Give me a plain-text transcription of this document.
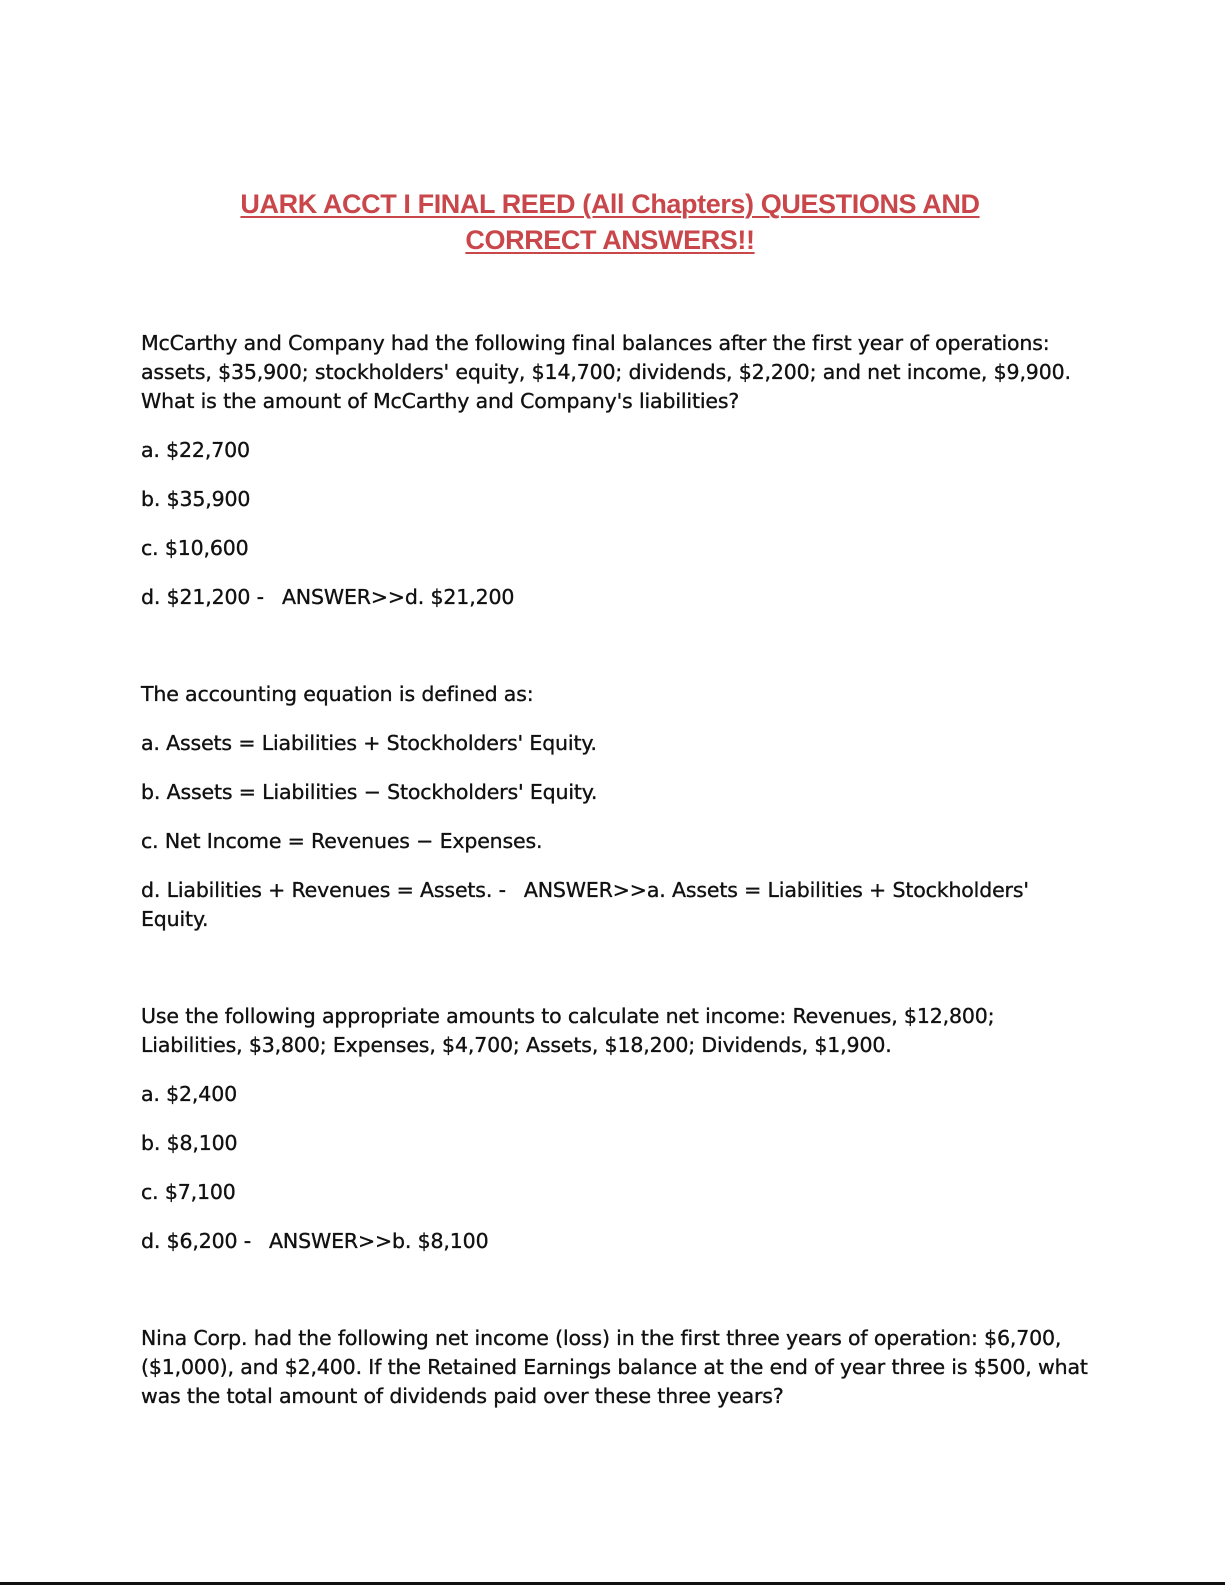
UARK ACCT I FINAL REED (All Chapters) QUESTIONS AND
CORRECT ANSWERS!!

McCarthy and Company had the following final balances after the first year of operations: assets, $35,900; stockholders' equity, $14,700; dividends, $2,200; and net income, $9,900. What is the amount of McCarthy and Company's liabilities?

a. $22,700

b. $35,900

c. $10,600

d. $21,200 - ANSWER>>d. $21,200

The accounting equation is defined as:

a. Assets = Liabilities + Stockholders' Equity.

b. Assets = Liabilities − Stockholders' Equity.

c. Net Income = Revenues − Expenses.

d. Liabilities + Revenues = Assets. - ANSWER>>a. Assets = Liabilities + Stockholders' Equity.

Use the following appropriate amounts to calculate net income: Revenues, $12,800; Liabilities, $3,800; Expenses, $4,700; Assets, $18,200; Dividends, $1,900.

a. $2,400

b. $8,100

c. $7,100

d. $6,200 - ANSWER>>b. $8,100

Nina Corp. had the following net income (loss) in the first three years of operation: $6,700, ($1,000), and $2,400. If the Retained Earnings balance at the end of year three is $500, what was the total amount of dividends paid over these three years?
